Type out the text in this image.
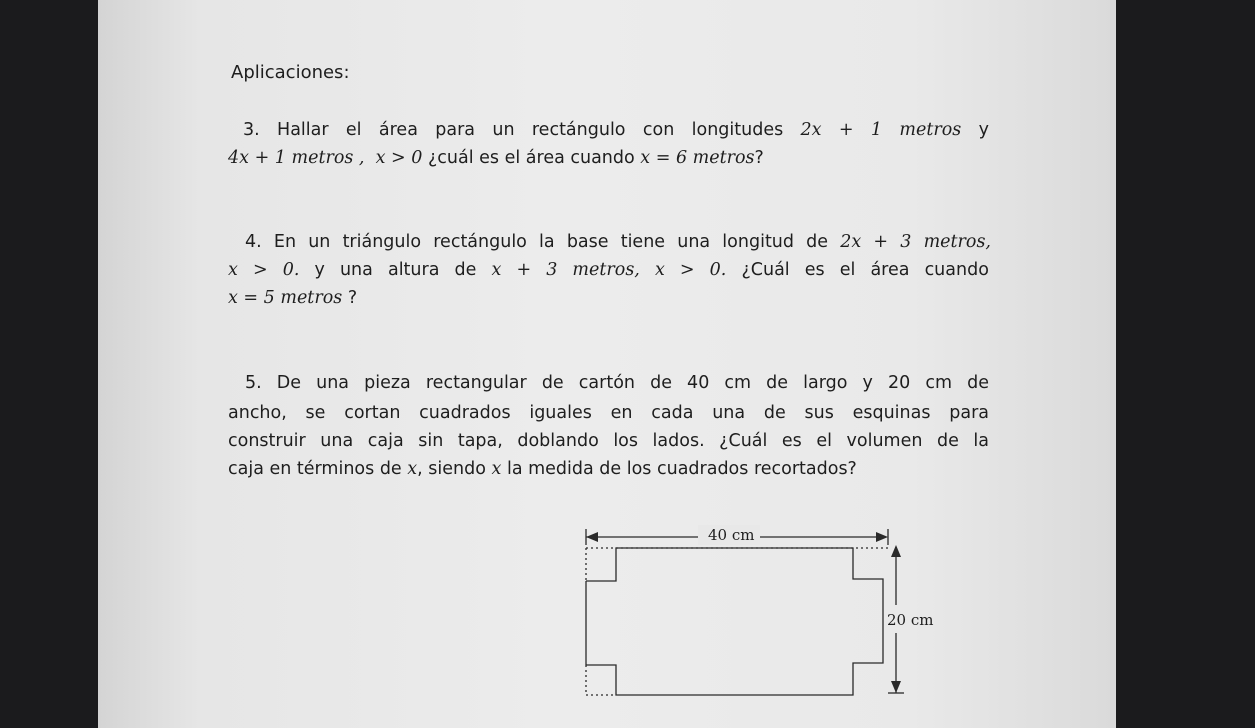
Aplicaciones:
3. Hallar el área para un rectángulo con longitudes 2x + 1 metros y
4x + 1 metros , x > 0 ¿cuál es el área cuando x = 6 metros?
4. En un triángulo rectángulo la base tiene una longitud de 2x + 3 metros,
x > 0. y una altura de x + 3 metros, x > 0. ¿Cuál es el área cuando
x = 5 metros ?
5. De una pieza rectangular de cartón de 40 cm de largo y 20 cm de
ancho, se cortan cuadrados iguales en cada una de sus esquinas para
construir una caja sin tapa, doblando los lados. ¿Cuál es el volumen de la
caja en términos de x, siendo x la medida de los cuadrados recortados?
40 cm
20 cm
